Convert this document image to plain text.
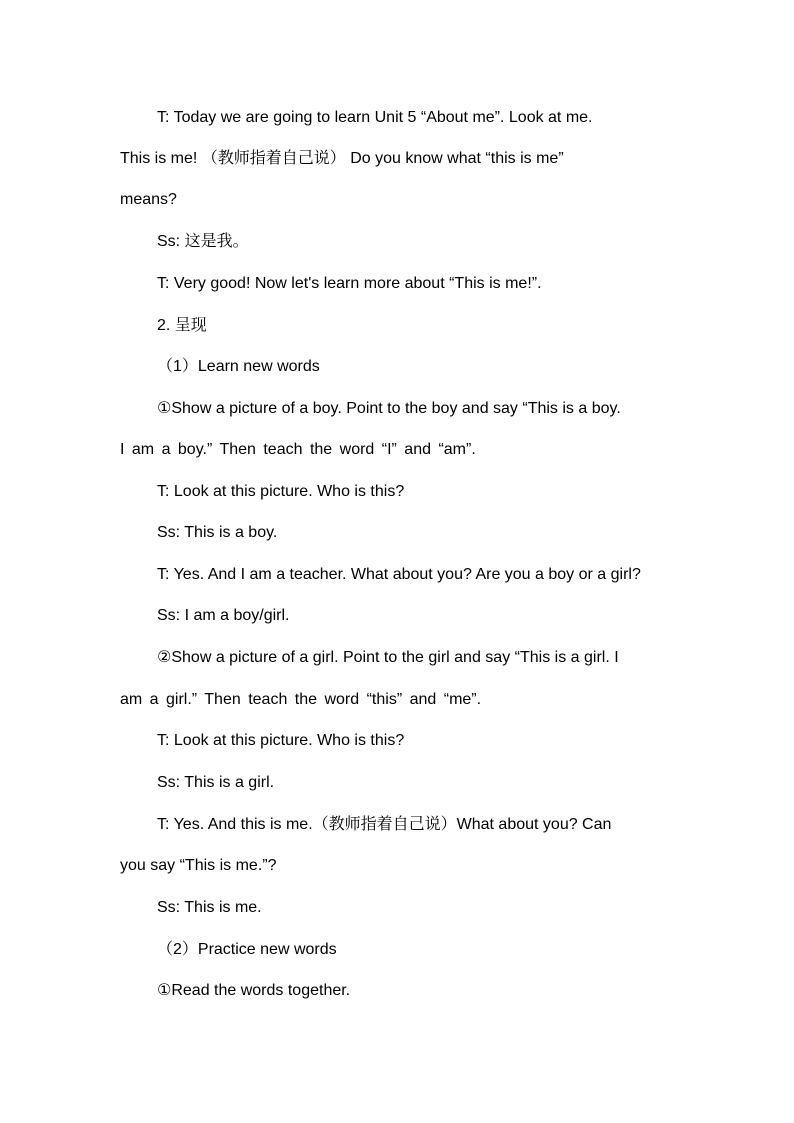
T: Today we are going to learn Unit 5 “About me”. Look at me.
This is me! （教师指着自己说） Do you know what “this is me”
means?
Ss: 这是我。
T: Very good! Now let's learn more about “This is me!”.
2. 呈现
（1）Learn new words
①Show a picture of a boy. Point to the boy and say “This is a boy.
I am a boy.” Then teach the word “I” and “am”.
T: Look at this picture. Who is this?
Ss: This is a boy.
T: Yes. And I am a teacher. What about you? Are you a boy or a girl?
Ss: I am a boy/girl.
②Show a picture of a girl. Point to the girl and say “This is a girl. I
am a girl.” Then teach the word “this” and “me”.
T: Look at this picture. Who is this?
Ss: This is a girl.
T: Yes. And this is me.（教师指着自己说）What about you? Can
you say “This is me.”?
Ss: This is me.
（2）Practice new words
①Read the words together.
